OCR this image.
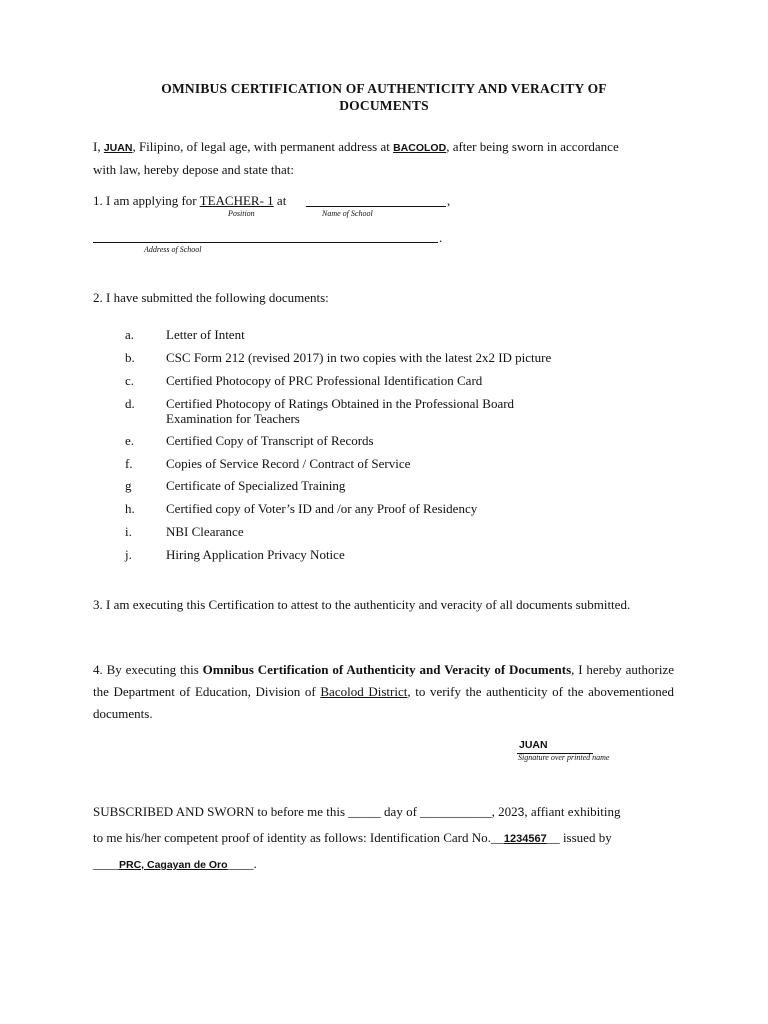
OMNIBUS CERTIFICATION OF AUTHENTICITY AND VERACITY OF
DOCUMENTS
I, JUAN, Filipino, of legal age, with permanent address at BACOLOD, after being sworn in accordance
with law, hereby depose and state that:
1. I am applying for TEACHER- 1 at	,
Position	Name of School
.
Address of School
2. I have submitted the following documents:
a. Letter of Intent
b. CSC Form 212 (revised 2017) in two copies with the latest 2x2 ID picture
c. Certified Photocopy of PRC Professional Identification Card
d. Certified Photocopy of Ratings Obtained in the Professional Board
Examination for Teachers
e. Certified Copy of Transcript of Records
f.	Copies of Service Record / Contract of Service
g	Certificate of Specialized Training
h. Certified copy of Voter’s ID and /or any Proof of Residency
i.	NBI Clearance
j.	Hiring Application Privacy Notice
3. I am executing this Certification to attest to the authenticity and veracity of all documents submitted.
4. By executing this Omnibus Certification of Authenticity and Veracity of Documents, I hereby authorize the Department of Education, Division of Bacolod District, to verify the authenticity of the abovementioned documents.
JUAN
Signature over printed name
SUBSCRIBED AND SWORN to before me this _____ day of ___________, 2023, affiant exhibiting
to me his/her competent proof of identity as follows: Identification Card No.__1234567__ issued by
____PRC, Cagayan de Oro____.
